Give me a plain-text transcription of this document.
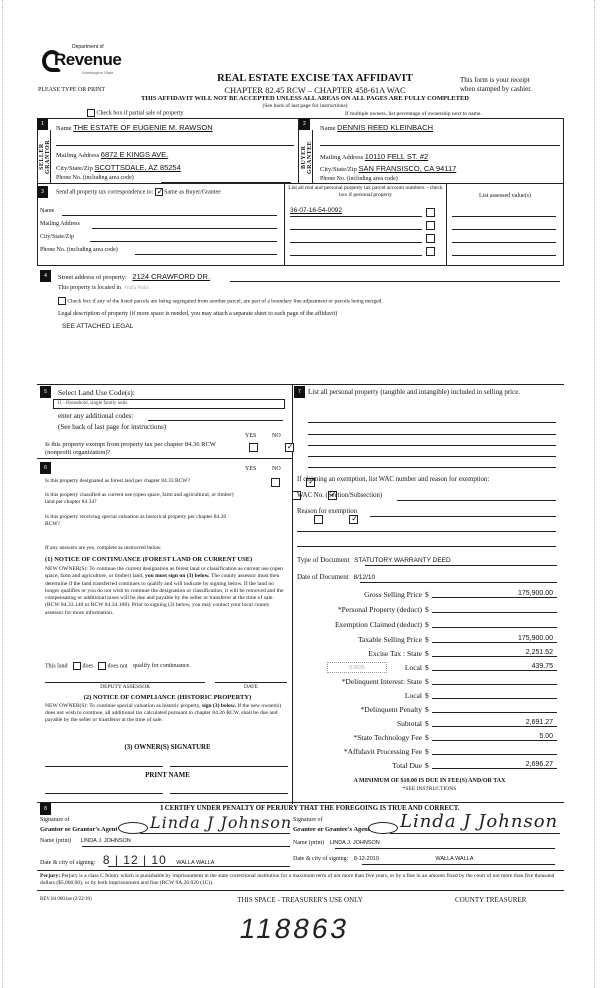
Department of
Revenue
Washington State
PLEASE TYPE OR PRINT
REAL ESTATE EXCISE TAX AFFIDAVIT
CHAPTER 82.45 RCW – CHAPTER 458-61A WAC
This form is your receipt
when stamped by cashier.
THIS AFFIDAVIT WILL NOT BE ACCEPTED UNLESS ALL AREAS ON ALL PAGES ARE FULLY COMPLETED
(See back of last page for instructions)
Check box if partial sale of property	If multiple owners, list percentage of ownership next to name.
1
SELLER GRANTOR
Name THE ESTATE OF EUGENIE M. RAWSON
Mailing Address 6872 E KINGS AVE.
City/State/Zip SCOTTSDALE, AZ 85254
Phone No. (including area code)
2
BUYER GRANTEE
Name DENNIS REED KLEINBACH
Mailing Address 10110 FELL ST. #2
City/State/Zip SAN FRANSISCO, CA 94117
Phone No. (including area code)
3	Send all property tax correspondence to: ✓ Same as Buyer/Grantee
Name
Mailing Address
City/State/Zip
Phone No. (including area code)
List all real and personal property tax parcel account numbers – check box if personal property	List assessed value(s)
36-07-16-54-0092
4	Street address of property: 2124 CRAWFORD DR.
This property is located in Walla Walla
Check box if any of the listed parcels are being segregated from another parcel, are part of a boundary line adjustment or parcels being merged.
Legal description of property (if more space is needed, you may attach a separate sheet to each page of the affidavit)
SEE ATTACHED LEGAL
5	Select Land Use Code(s):
11 - Household, single family units
enter any additional codes:
(See back of last page for instructions)
YES	NO
Is this property exempt from property tax per chapter 84.36 RCW (nonprofit organization)?
✓
6	YES	NO
Is this property designated as forest land per chapter 84.33 RCW?
✓
Is this property classified as current use (open space, farm and agricultural, or timber) land per chapter 84.34?
✓
Is this property receiving special valuation as historical property per chapter 84.26 RCW?
✓
If any answers are yes, complete as instructed below.
(1) NOTICE OF CONTINUANCE (FOREST LAND OR CURRENT USE)
NEW OWNER(S): To continue the current designation as forest land or classification as current use (open space, farm and agriculture, or timber) land, you must sign on (3) below. The county assessor must then determine if the land transferred continues to qualify and will indicate by signing below. If the land no longer qualifies or you do not wish to continue the designation or classification, it will be removed and the compensating or additional taxes will be due and payable by the seller or transferor at the time of sale. (RCW 84.33.140 or RCW 84.34.108). Prior to signing (3) below, you may contact your local county assessor for more information.
This land	does does not qualify for continuance.
DEPUTY ASSESSOR	DATE
(2) NOTICE OF COMPLIANCE (HISTORIC PROPERTY)
NEW OWNER(S): To continue special valuation as historic property, sign (3) below. If the new owner(s) does not wish to continue, all additional tax calculated pursuant to chapter 84.26 RCW, shall be due and payable by the seller or transferor at the time of sale.
(3) OWNER(S) SIGNATURE
PRINT NAME
7	List all personal property (tangible and intangible) included in selling price.
If claiming an exemption, list WAC number and reason for exemption:
WAC No. (Section/Subsection)
Reason for exemption
Type of Document STATUTORY WARRANTY DEED
Date of Document 8/12/10
Gross Selling Price $	175,900.00
*Personal Property (deduct) $

Exemption Claimed (deduct) $

Taxable Selling Price $	175,900.00
Excise Tax : State $	2,251.52
0.0025	Local $	439.75
*Delinquent Interest: State $

Local $

*Delinquent Penalty $

Subtotal $	2,691.27
*State Technology Fee $	5.00
*Affidavit Processing Fee $

Total Due $	2,696.27
A MINIMUM OF $10.00 IS DUE IN FEE(S) AND/OR TAX
*SEE INSTRUCTIONS
8	I CERTIFY UNDER PENALTY OF PERJURY THAT THE FOREGOING IS TRUE AND CORRECT.
Signature of
Grantor or Grantor's Agent Linda J Johnson
Name (print) LINDA J. JOHNSON
Date & city of signing: 8 | 12 | 10 WALLA WALLA
Signature of
Grantee or Grantee's Agent Linda J Johnson
Name (print) LINDA J. JOHNSON
Date & city of signing: 8-12-2010	WALLA WALLA
Perjury: Perjury is a class C felony which is punishable by imprisonment in the state correctional institution for a maximum term of not more than five years, or by a fine in an amount fixed by the court of not more than five thousand dollars ($5,000.00), or by both imprisonment and fine (RCW 9A.20.020 (1C)).
REV 84 0001ae (2/22/10)	THIS SPACE - TREASURER'S USE ONLY	COUNTY TREASURER
118863
